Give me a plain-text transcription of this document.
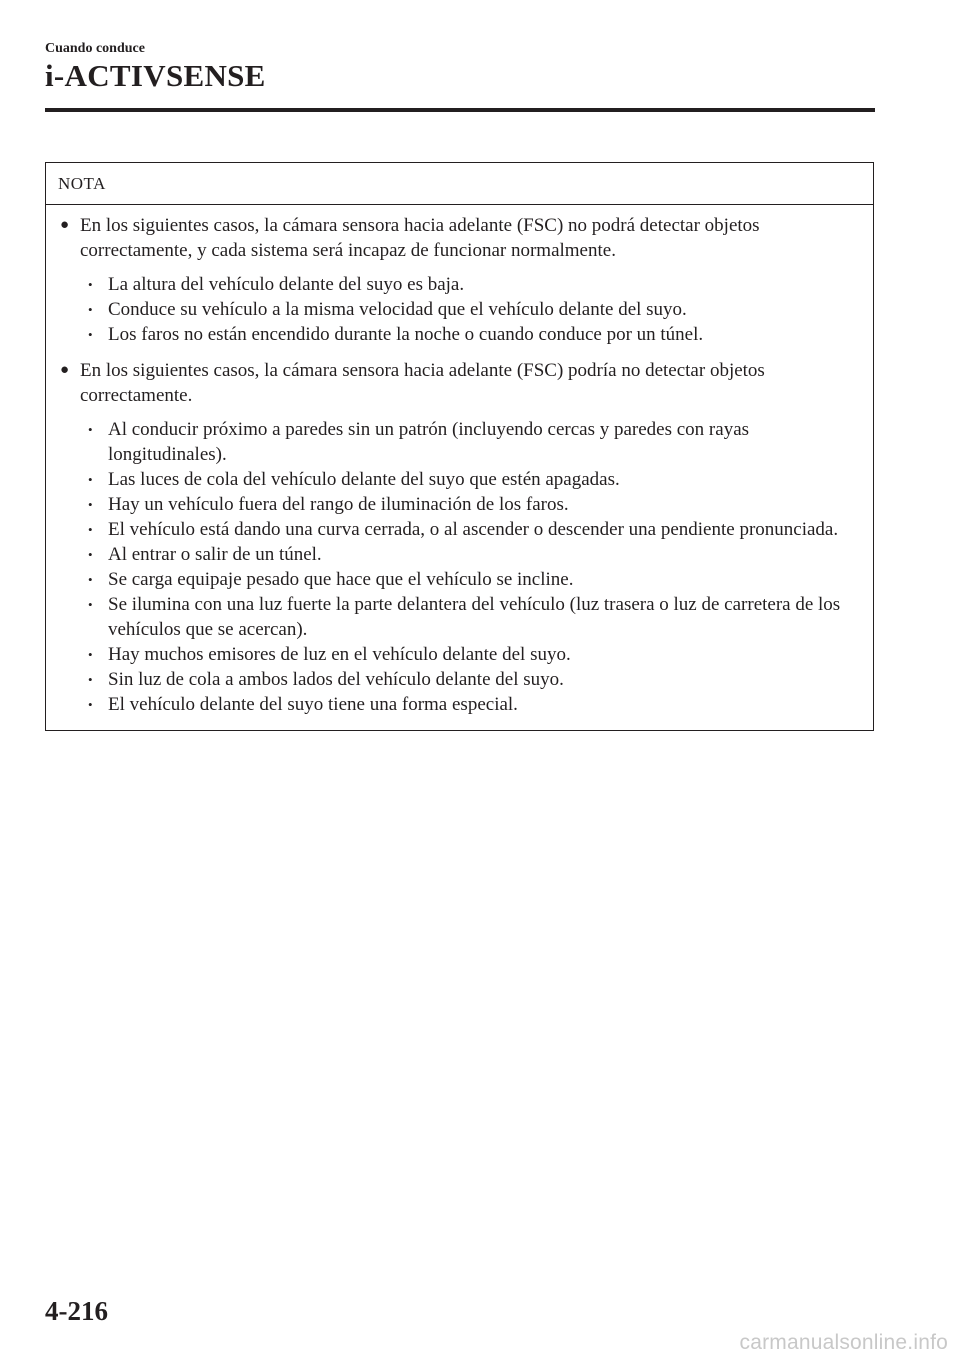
Cuando conduce

i-ACTIVSENSE

NOTA
● En los siguientes casos, la cámara sensora hacia adelante (FSC) no podrá detectar objetos correctamente, y cada sistema será incapaz de funcionar normalmente.
• La altura del vehículo delante del suyo es baja.
• Conduce su vehículo a la misma velocidad que el vehículo delante del suyo.
• Los faros no están encendido durante la noche o cuando conduce por un túnel.
● En los siguientes casos, la cámara sensora hacia adelante (FSC) podría no detectar objetos correctamente.
• Al conducir próximo a paredes sin un patrón (incluyendo cercas y paredes con rayas longitudinales).
• Las luces de cola del vehículo delante del suyo que estén apagadas.
• Hay un vehículo fuera del rango de iluminación de los faros.
• El vehículo está dando una curva cerrada, o al ascender o descender una pendiente pronunciada.
• Al entrar o salir de un túnel.
• Se carga equipaje pesado que hace que el vehículo se incline.
• Se ilumina con una luz fuerte la parte delantera del vehículo (luz trasera o luz de carretera de los vehículos que se acercan).
• Hay muchos emisores de luz en el vehículo delante del suyo.
• Sin luz de cola a ambos lados del vehículo delante del suyo.
• El vehículo delante del suyo tiene una forma especial.
4-216
carmanualsonline.info
